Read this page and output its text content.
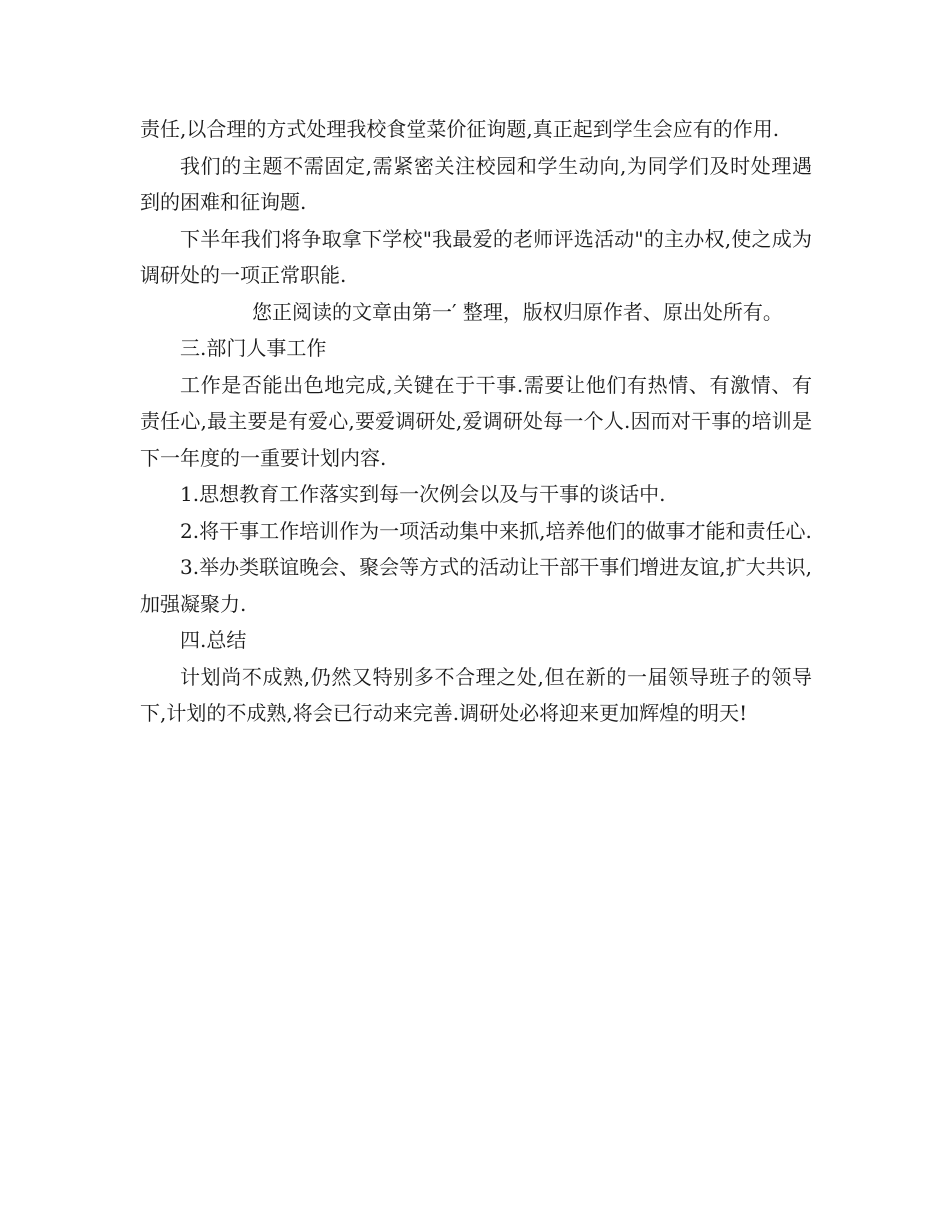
责任,以合理的方式处理我校食堂菜价征询题,真正起到学生会应有的作用.

我们的主题不需固定,需紧密关注校园和学生动向,为同学们及时处理遇到的困难和征询题.

下半年我们将争取拿下学校"我最爱的老师评选活动"的主办权,使之成为调研处的一项正常职能.

您正阅读的文章由第一′ 整理，版权归原作者、原出处所有。

三.部门人事工作

工作是否能出色地完成,关键在于干事.需要让他们有热情、有激情、有责任心,最主要是有爱心,要爱调研处,爱调研处每一个人.因而对干事的培训是下一年度的一重要计划内容.

1.思想教育工作落实到每一次例会以及与干事的谈话中.

2.将干事工作培训作为一项活动集中来抓,培养他们的做事才能和责任心.

3.举办类联谊晚会、聚会等方式的活动让干部干事们增进友谊,扩大共识,加强凝聚力.

四.总结

计划尚不成熟,仍然又特别多不合理之处,但在新的一届领导班子的领导下,计划的不成熟,将会已行动来完善.调研处必将迎来更加辉煌的明天!
